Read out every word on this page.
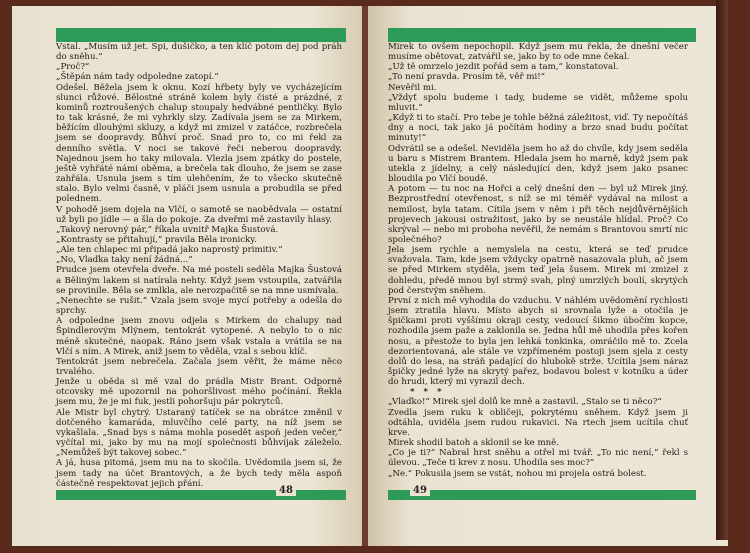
Vstal. „Musím už jet. Spi, dušičko, a ten klíč potom dej pod práh do sněhu.“

„Proč?“

„Štěpán nám tady odpoledne zatopí.“

Odešel. Běžela jsem k oknu. Kozí hřbety byly ve vycházejícím slunci růžové. Bělostné stráně kolem byly čisté a prázdné, z kominů roztroušených chalup stoupaly hedvábné pentličky. Bylo to tak krásné, že mi vyhrkly slzy. Zadívala jsem se za Mirkem, běžícím dlouhými skluzy, a když mi zmizel v zatáčce, rozbrečela jsem se doopravdy. Bůhví proč. Snad pro to, co mi řekl za denního světla. V noci se takové řeči neberou doopravdy. Najednou jsem ho taky milovala. Vlezla jsem zpátky do postele, ještě vyhřáté námi oběma, a brečela tak dlouho, že jsem se zase zahřála. Usnula jsem s tím ulehčením, že to všecko skutečně stalo. Bylo velmi časně, v pláči jsem usnula a probudila se před polednem.

V pohodě jsem dojela na Vlčí, o samotě se naobědvala — ostatní už byli po jídle — a šla do pokoje. Za dveřmi mě zastavily hlasy.

„Takový nerovný pár,“ říkala uvnitř Majka Šustová.

„Kontrasty se přitahují,“ pravila Běla ironicky.

„Ale ten chlapec mi připadá jako naprostý primitiv.“

„No, Vlaďka taky není žádná...“

Prudce jsem otevřela dveře. Na mé posteli seděla Majka Šustová a Běliným lakem si natírala nehty. Když jsem vstoupila, zatvářila se provinile. Běla se zmlkla, ale nerozpačitě se na mne usmívala.

„Nenechte se rušit.“ Vzala jsem svoje mycí potřeby a odešla do sprchy.

A odpoledne jsem znovu odjela s Mirkem do chalupy nad Špindlerovým Mlýnem, tentokrát vytopené. A nebylo to o nic méně skutečné, naopak. Ráno jsem však vstala a vrátila se na Vlčí s ním. A Mirek, aniž jsem to věděla, vzal s sebou klíč.

Tentokrát jsem nebrečela. Začala jsem věřit, že máme něco trvalého.

Jenže u oběda si mě vzal do prádla Mistr Brant. Odporně otcovsky mě upozornil na pohoršlivost mého počínání. Řekla jsem mu, že je mi fuk, jestli pohoršuju pár pokrytců.

Ale Mistr byl chytrý. Ustaraný tatíček se na obrátce změnil v dotčeného kamaráda, mluvčího celé party, na níž jsem se vykašlala. „Snad bys s náma mohla posedět aspoň jeden večer,“ vyčítal mi, jako by mu na mojí společnosti bůhvíjak záleželo. „Nemůžeš být takovej sobec.“

A já, husa pitomá, jsem mu na to skočila. Uvědomila jsem si, že jsem tady na účet Brantových, a že bych tedy měla aspoň částečně respektovat jejich přání.

48

Mirek to ovšem nepochopil. Když jsem mu řekla, že dnešní večer musíme obětovat, zatvářil se, jako by to ode mne čekal.

„Už tě omrzelo jezdit pořád sem a tam,“ konstatoval.

„To není pravda. Prosím tě, věř mi!“

Nevěřil mi.

„Vždyť spolu budeme i tady, budeme se vidět, můžeme spolu mluvit.“

„Když ti to stačí. Pro tebe je tohle běžná záležitost, viď. Ty nepočítáš dny a noci, tak jako já počítám hodiny a brzo snad budu počítat minuty!“

Odvrátil se a odešel. Neviděla jsem ho až do chvíle, kdy jsem seděla u baru s Mistrem Brantem. Hledala jsem ho marně, když jsem pak utekla z jídelny, a celý následující den, když jsem jako psanec bloudila po Vlčí boudě.

A potom — tu noc na Hořci a celý dnešní den — byl už Mirek jiný. Bezprostřední otevřenost, s níž se mi téměř vydával na milost a nemilost, byla tatam. Cítila jsem v něm i při těch nejdůvěrnějších projevech jakousi ostražitost, jako by se neustále hlídal. Proč? Co skrýval — nebo mi proboha nevěřil, že nemám s Brantovou smrtí nic společného?

Jela jsem rychle a nemyslela na cestu, která se teď prudce svažovala. Tam, kde jsem vždycky opatrně nasazovala pluh, ač jsem se před Mirkem styděla, jsem teď jela šusem. Mirek mi zmizel z dohledu, předě mnou byl strmý svah, plný umrzlých boulí, skrytých pod čerstvým sněhem.

První z nich mě vyhodila do vzduchu. V náhlém uvědomění rychlosti jsem ztratila hlavu. Místo abych si srovnala lyže a otočila je špičkami proti vyššímu okraji cesty, vedoucí šikmo úbočím kopce, rozhodila jsem paže a zaklonila se. Jedna hůl mě uhodila přes kořen nosu, a přestože to byla jen lehká tonkinka, omráčilo mě to. Zcela dezorientovaná, ale stále ve vzpřímeném postoji jsem sjela z cesty dolů do lesa, na stráň padající do hlubokě strže. Ucítila jsem náraz špičky jedné lyže na skrytý pařez, bodavou bolest v kotníku a úder do hrudi, který mi vyrazil dech.

* * *

„Vlaďko!“ Mirek sjel dolů ke mně a zastavil. „Stalo se ti něco?“

Zvedla jsem ruku k obličeji, pokrytému sněhem. Když jsem ji odtáhla, uviděla jsem rudou rukavici. Na rtech jsem ucítila chuť krve.

Mirek shodil batoh a sklonil se ke mně.

„Co je ti?“ Nabral hrst sněhu a otřel mi tvář. „To nic není,“ řekl s úlevou. „Teče ti krev z nosu. Uhodila ses moc?“

„Ne.“ Pokusila jsem se vstát, nohou mi projela ostrá bolest.

49
